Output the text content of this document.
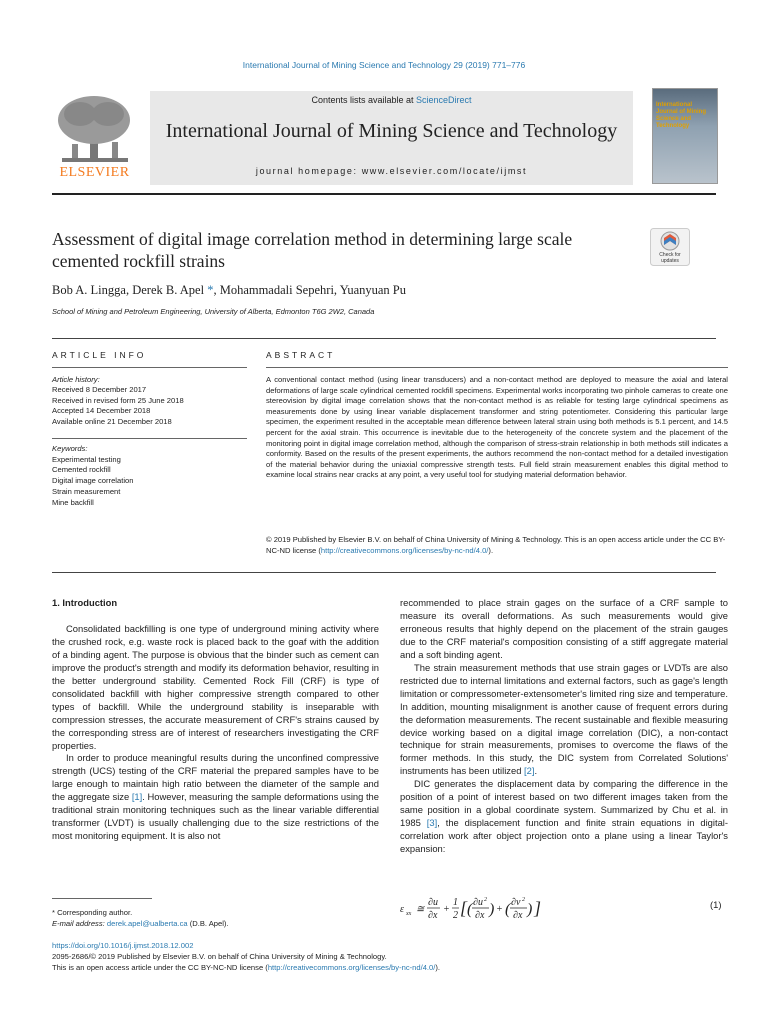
International Journal of Mining Science and Technology 29 (2019) 771–776
Contents lists available at ScienceDirect
International Journal of Mining Science and Technology
journal homepage: www.elsevier.com/locate/ijmst
ELSEVIER
International Journal of Mining Science and Technology
Assessment of digital image correlation method in determining large scale cemented rockfill strains	Check for
updates
Bob A. Lingga, Derek B. Apel *, Mohammadali Sepehri, Yuanyuan Pu
School of Mining and Petroleum Engineering, University of Alberta, Edmonton T6G 2W2, Canada
ARTICLE INFO
Article history:
Received 8 December 2017
Received in revised form 25 June 2018
Accepted 14 December 2018
Available online 21 December 2018
Keywords:
Experimental testing
Cemented rockfill
Digital image correlation
Strain measurement
Mine backfill
ABSTRACT
A conventional contact method (using linear transducers) and a non-contact method are deployed to measure the axial and lateral deformations of large scale cylindrical cemented rockfill specimens. Experimental works incorporating two pinhole cameras to create one stereovision by digital image correlation shows that the non-contact method is as reliable for testing large cylindrical specimens as measurements done by using linear variable displacement transformer and string potentiometer. Considering this particular large specimen, the experiment resulted in the acceptable mean difference between lateral strain using both methods is 5.1 percent, and 14.5 percent for the axial strain. This occurrence is inevitable due to the heterogeneity of the concrete system and the placement of the monitoring point in digital image correlation method, although the comparison of stress-strain relationship in both methods still indicates a conformity. Based on the results of the present experiments, the authors recommend the non-contact method for a detailed investigation of the material behavior during the uniaxial compressive strength tests. Full field strain measurement enables this digital method to examine local strains near cracks at any point, a very useful tool for studying material deformation behavior.
© 2019 Published by Elsevier B.V. on behalf of China University of Mining & Technology. This is an open access article under the CC BY-NC-ND license (http://creativecommons.org/licenses/by-nc-nd/4.0/).
1. Introduction

Consolidated backfilling is one type of underground mining activity where the crushed rock, e.g. waste rock is placed back to the goaf with the addition of a binding agent. The purpose is obvious that the binder such as cement can improve the product's strength and modify its deformation behavior, resulting in the better underground stability. Cemented Rock Fill (CRF) is type of consolidated backfill with higher compressive strength compared to other types of backfill. While the underground stability is inseparable with compression stresses, the accurate measurement of CRF's strains caused by the corresponding stress are of interest of researchers investigating the CRF properties.

In order to produce meaningful results during the unconfined compressive strength (UCS) testing of the CRF material the prepared samples have to be large enough to maintain high ratio between the diameter of the sample and the aggregate size [1]. However, measuring the sample deformations using the traditional strain monitoring techniques such as the linear variable differential transformer (LVDT) is usually challenging due to the size restrictions of the most monitoring equipment. It is also not

recommended to place strain gages on the surface of a CRF sample to measure its overall deformations. As such measurements would give erroneous results that highly depend on the placement of the strain gauges due to the CRF material's composition consisting of a stiff aggregate material and a soft binding agent.

The strain measurement methods that use strain gages or LVDTs are also restricted due to internal limitations and external factors, such as gage's length limitation or compressometer-extensometer's limited ring size and temperature. In addition, mounting misalignment is another cause of frequent errors during the deformation measurements. The recent sustainable and flexible measuring device working based on a digital image correlation (DIC), a non-contact technique for strain measurements, promises to overcome the flaws of the former methods. In this study, the DIC system from Correlated Solutions' instruments has been utilized [2].

DIC generates the displacement data by comparing the difference in the position of a point of interest based on two different images taken from the same position in a global coordinate system. Summarized by Chu et al. in 1985 [3], the displacement function and finite strain equations in digital-correlation work after object projection onto a plane using a linear Taylor's expansion:

ε xx ≅
∂u
∂x
+
1
2 [ ( ∂u 2
∂x ) + ( ∂v 2
∂x ) ]	(1)
* Corresponding author.
E-mail address: derek.apel@ualberta.ca (D.B. Apel).
https://doi.org/10.1016/j.ijmst.2018.12.002
2095-2686/© 2019 Published by Elsevier B.V. on behalf of China University of Mining & Technology.
This is an open access article under the CC BY-NC-ND license (http://creativecommons.org/licenses/by-nc-nd/4.0/).
